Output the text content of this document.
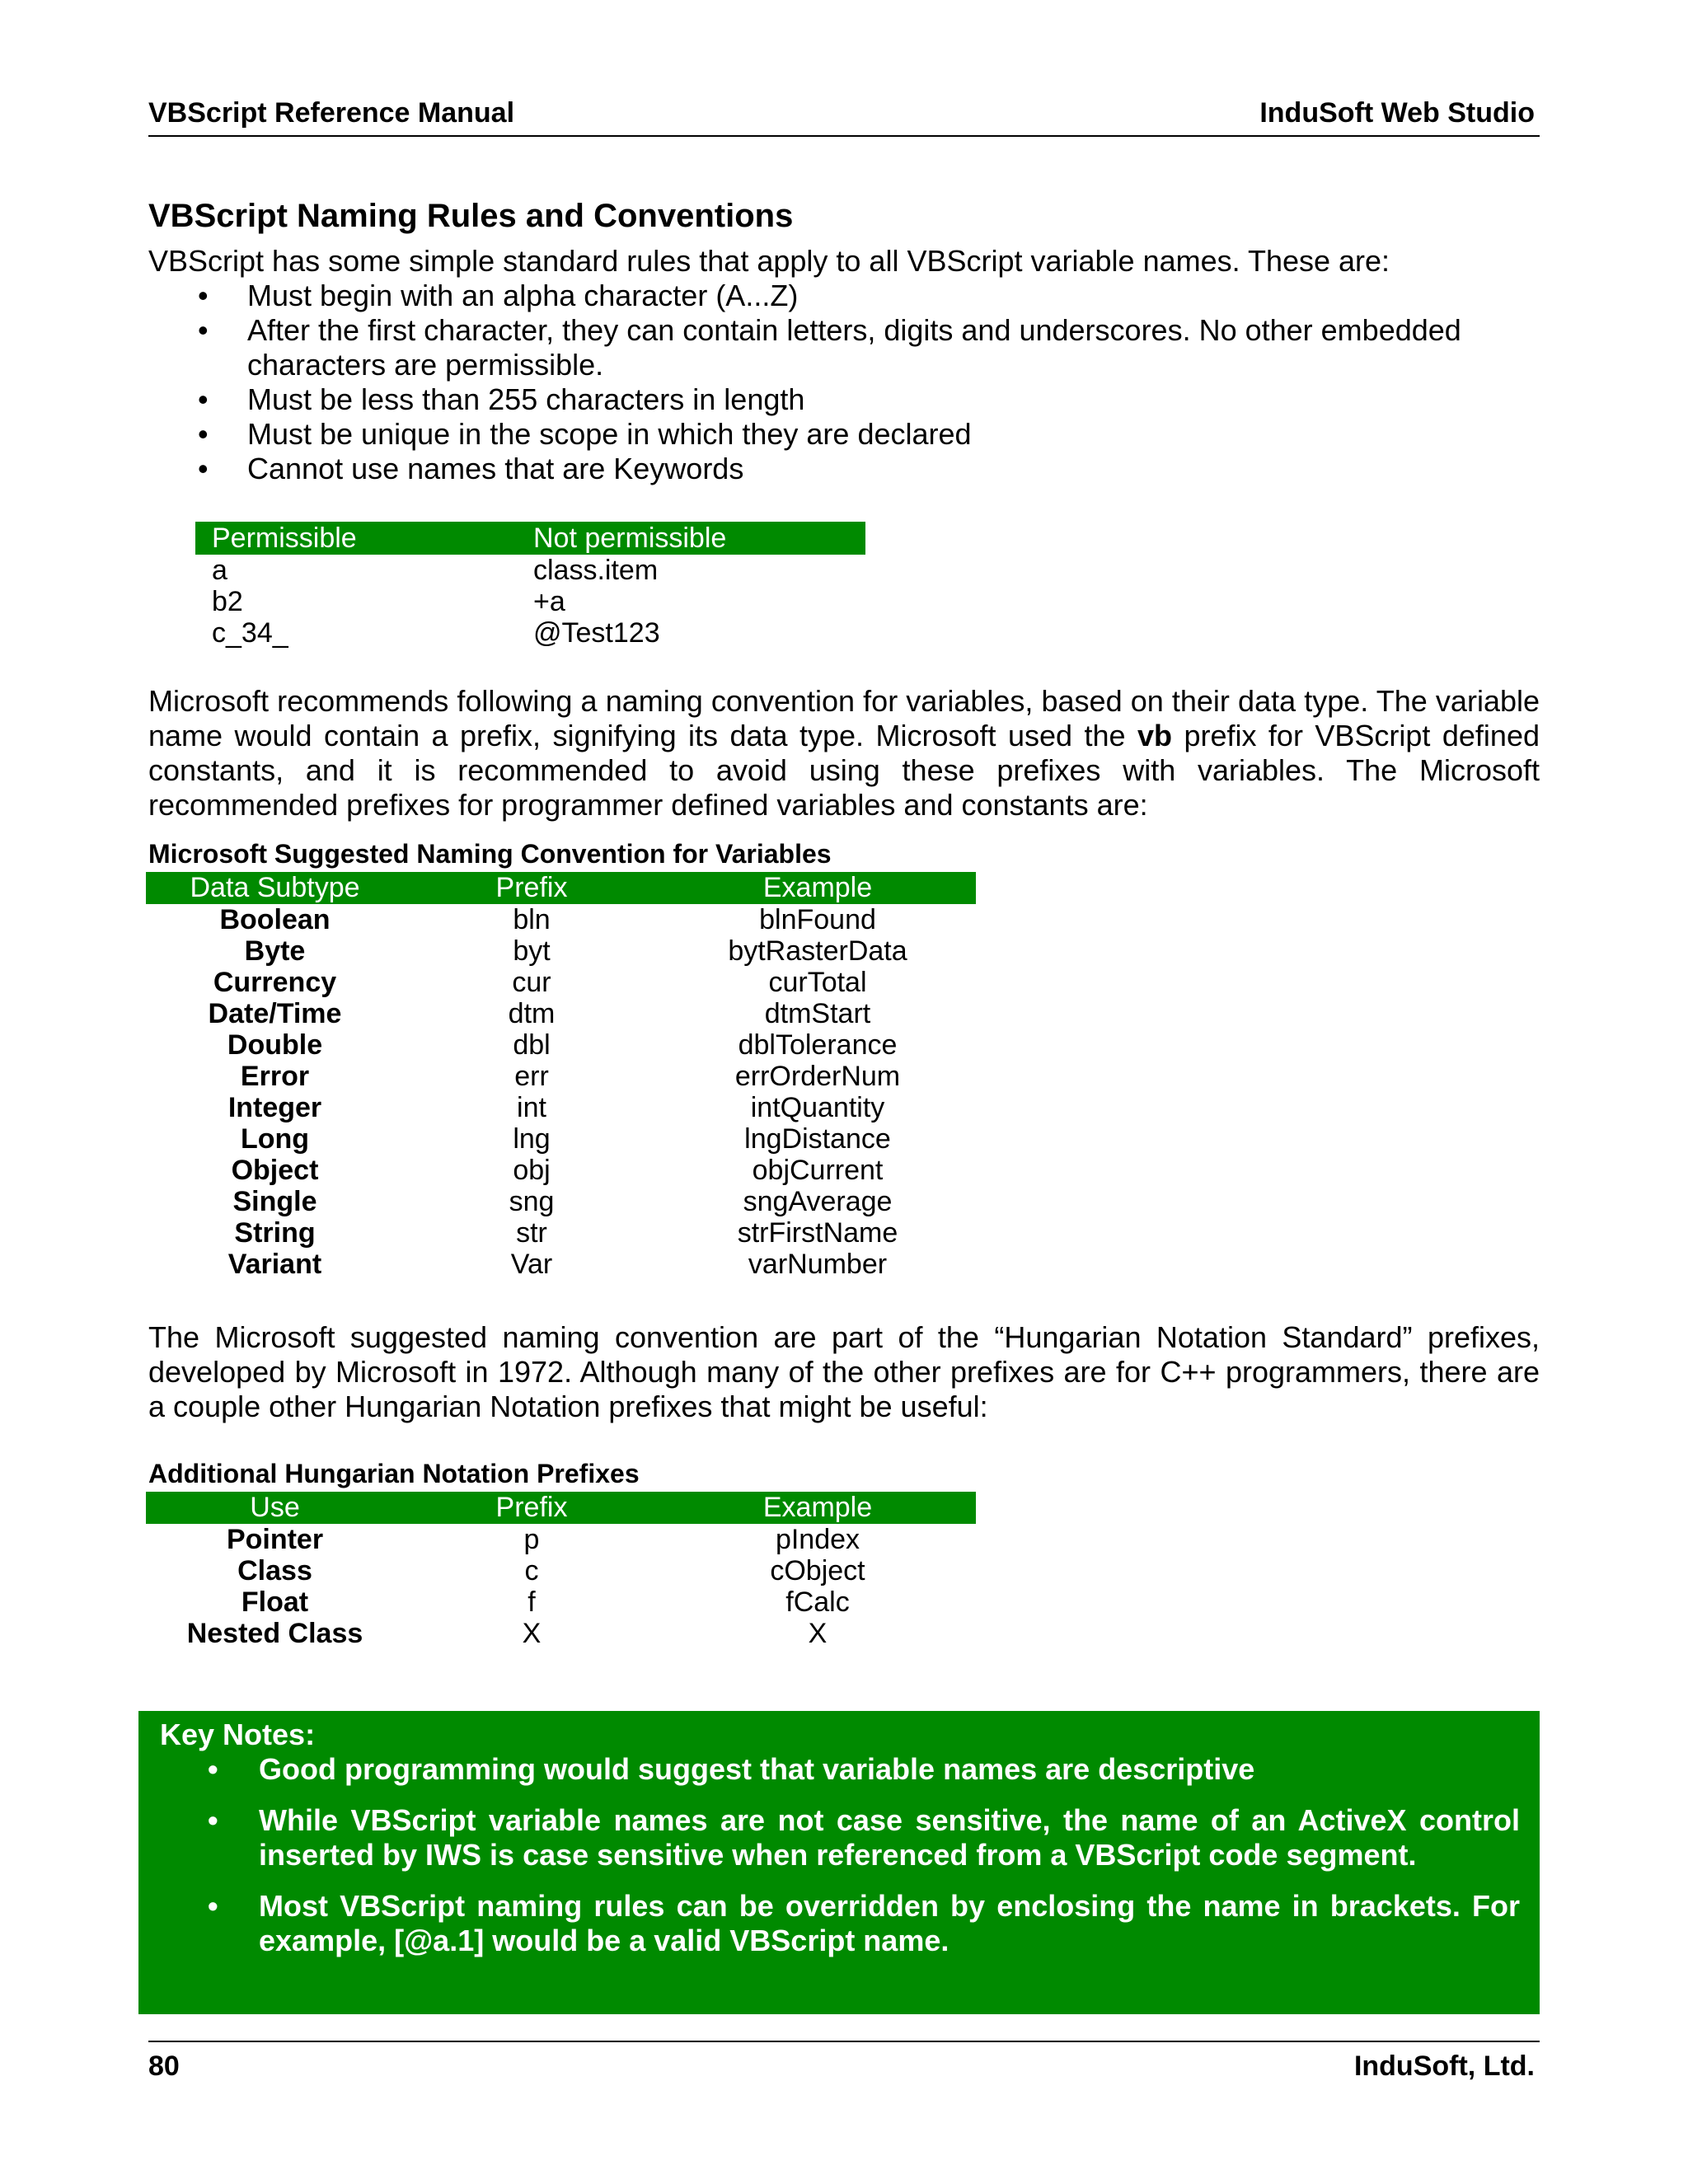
VBScript Reference Manual	InduSoft Web Studio
VBScript Naming Rules and Conventions

VBScript has some simple standard rules that apply to all VBScript variable names. These are:

• Must begin with an alpha character (A...Z)
• After the first character, they can contain letters, digits and underscores. No other embedded characters are permissible.
• Must be less than 255 characters in length
• Must be unique in the scope in which they are declared
• Cannot use names that are Keywords
Permissible	Not permissible
a	class.item
b2	+a
c_34_	@Test123

Microsoft recommends following a naming convention for variables, based on their data type. The variable name would contain a prefix, signifying its data type. Microsoft used the vb prefix for VBScript defined constants, and it is recommended to avoid using these prefixes with variables. The Microsoft recommended prefixes for programmer defined variables and constants are:

Microsoft Suggested Naming Convention for Variables

Data Subtype	Prefix	Example
Boolean	bln	blnFound
Byte	byt	bytRasterData
Currency	cur	curTotal
Date/Time	dtm	dtmStart
Double	dbl	dblTolerance
Error	err	errOrderNum
Integer	int	intQuantity
Long	lng	lngDistance
Object	obj	objCurrent
Single	sng	sngAverage
String	str	strFirstName
Variant	Var	varNumber

The Microsoft suggested naming convention are part of the “Hungarian Notation Standard” prefixes, developed by Microsoft in 1972. Although many of the other prefixes are for C++ programmers, there are a couple other Hungarian Notation prefixes that might be useful:

Additional Hungarian Notation Prefixes

Use	Prefix	Example
Pointer	p	pIndex
Class	c	cObject
Float	f	fCalc
Nested Class	X	X
Key Notes:
• Good programming would suggest that variable names are descriptive
• While VBScript variable names are not case sensitive, the name of an ActiveX control inserted by IWS is case sensitive when referenced from a VBScript code segment.
• Most VBScript naming rules can be overridden by enclosing the name in brackets. For example, [@a.1] would be a valid VBScript name.
80	InduSoft, Ltd.
